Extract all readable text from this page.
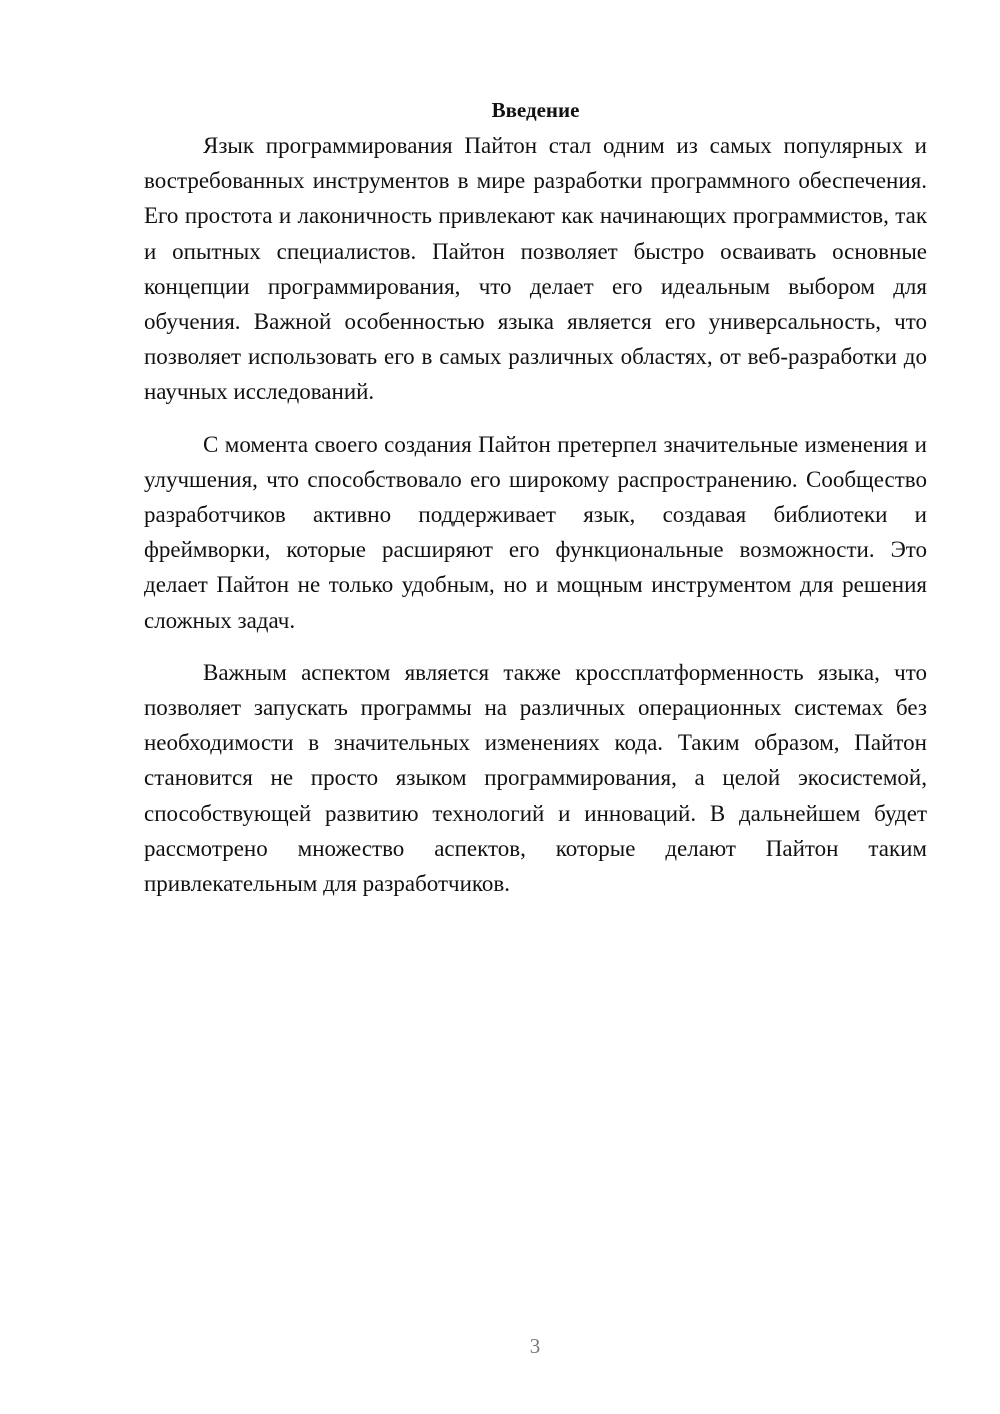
Введение

Язык программирования Пайтон стал одним из самых популярных и востребованных инструментов в мире разработки программного обеспечения. Его простота и лаконичность привлекают как начинающих программистов, так и опытных специалистов. Пайтон позволяет быстро осваивать основные концепции программирования, что делает его идеальным выбором для обучения. Важной особенностью языка является его универсальность, что позволяет использовать его в самых различных областях, от веб-разработки до научных исследований.

С момента своего создания Пайтон претерпел значительные изменения и улучшения, что способствовало его широкому распространению. Сообщество разработчиков активно поддерживает язык, создавая библиотеки и фреймворки, которые расширяют его функциональные возможности. Это делает Пайтон не только удобным, но и мощным инструментом для решения сложных задач.

Важным аспектом является также кроссплатформенность языка, что позволяет запускать программы на различных операционных системах без необходимости в значительных изменениях кода. Таким образом, Пайтон становится не просто языком программирования, а целой экосистемой, способствующей развитию технологий и инноваций. В дальнейшем будет рассмотрено множество аспектов, которые делают Пайтон таким привлекательным для разработчиков.

3
